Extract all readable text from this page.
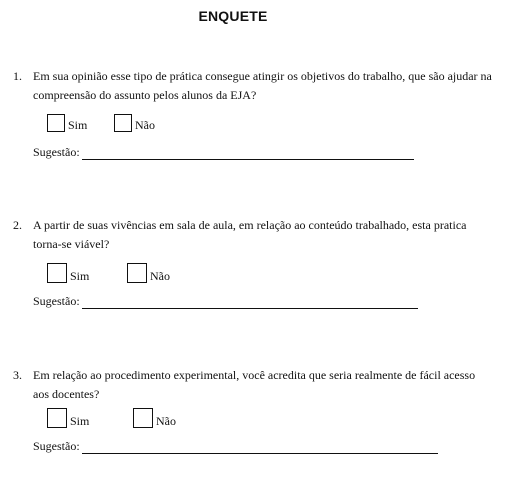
ENQUETE
1. Em sua opinião esse tipo de prática consegue atingir os objetivos do trabalho, que são ajudar na compreensão do assunto pelos alunos da EJA?
Sim	Não
Sugestão:
2. A partir de suas vivências em sala de aula, em relação ao conteúdo trabalhado, esta pratica torna-se viável?
Sim	Não
Sugestão:
3. Em relação ao procedimento experimental, você acredita que seria realmente de fácil acesso aos docentes?
Sim	Não
Sugestão:
